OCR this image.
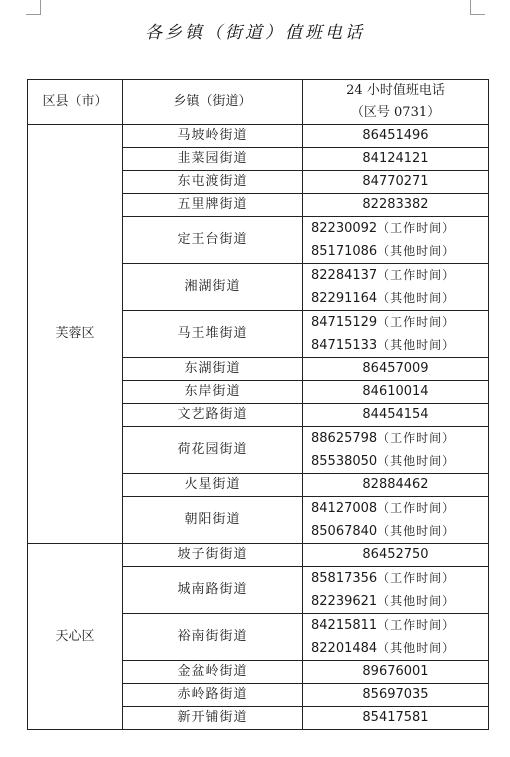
各乡镇（街道）值班电话
区县（市）	乡镇（街道）	24 小时值班电话
（区号 0731）

芙蓉区	马坡岭街道	86451496

	韭菜园街道	84124121

	东屯渡街道	84770271

	五里牌街道	82283382

	定王台街道	82230092（工作时间）
85171086（其他时间）

	湘湖街道	82284137（工作时间）
82291164（其他时间）

	马王堆街道	84715129（工作时间）
84715133（其他时间）

	东湖街道	86457009

	东岸街道	84610014

	文艺路街道	84454154

	荷花园街道	88625798（工作时间）
85538050（其他时间）

	火星街道	82884462

	朝阳街道	84127008（工作时间）
85067840（其他时间）

天心区	坡子街街道	86452750

	城南路街道	85817356（工作时间）
82239621（其他时间）

	裕南街街道	84215811（工作时间）
82201484（其他时间）

	金盆岭街道	89676001

	赤岭路街道	85697035

	新开铺街道	85417581
